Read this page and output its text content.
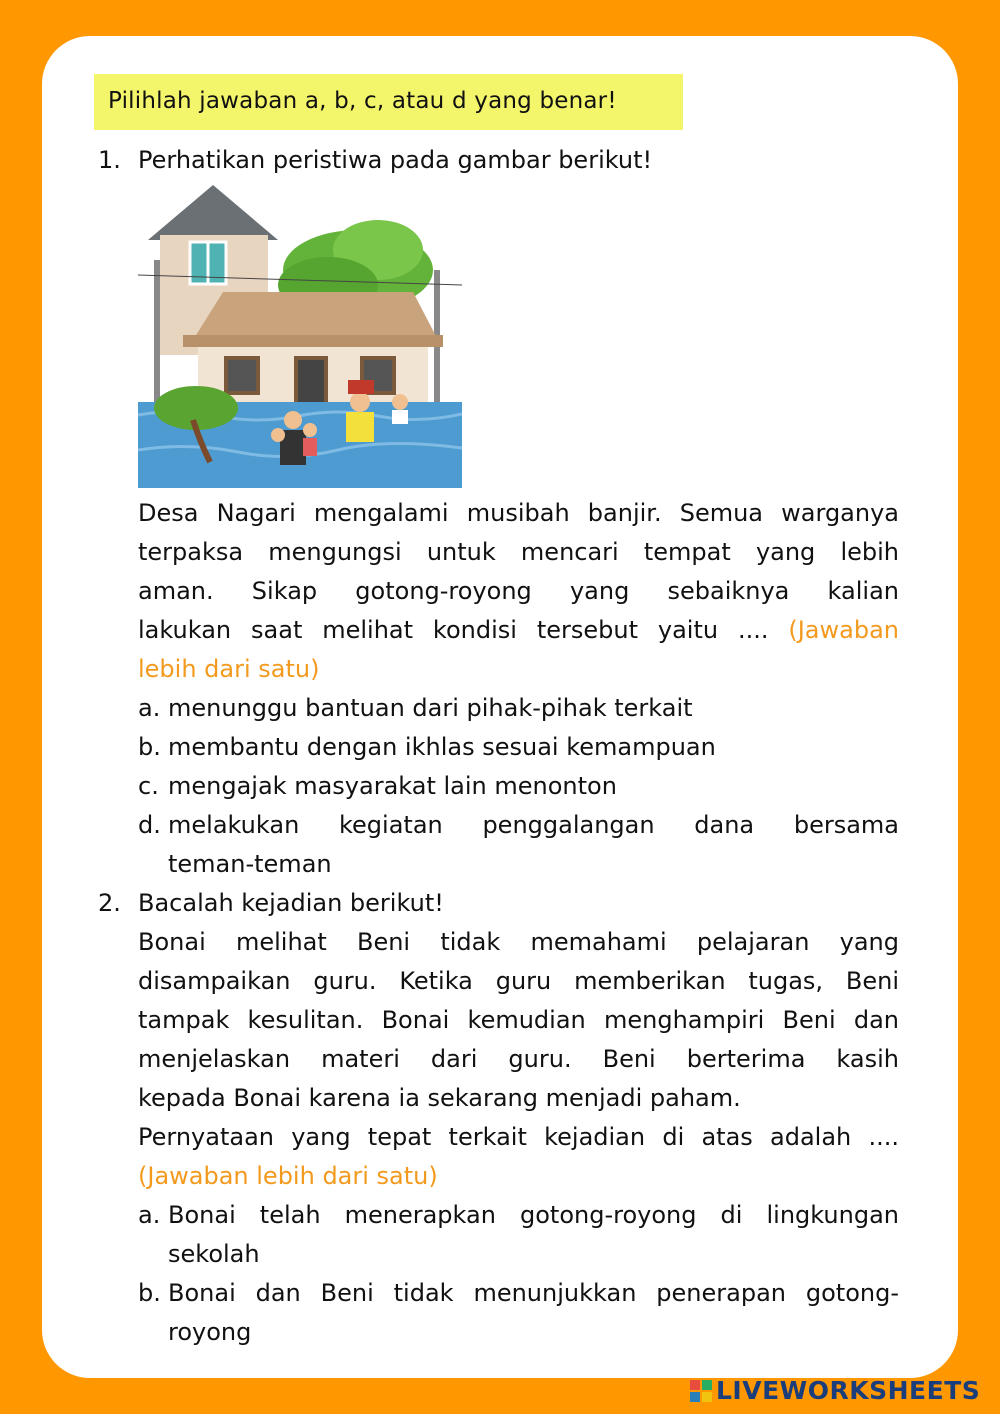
Pilihlah jawaban a, b, c, atau d yang benar!
1. Perhatikan peristiwa pada gambar berikut!
Desa Nagari mengalami musibah banjir. Semua warganya
terpaksa mengungsi untuk mencari tempat yang lebih
aman. Sikap gotong-royong yang sebaiknya kalian
lakukan saat melihat kondisi tersebut yaitu .... (Jawaban
lebih dari satu)
a. menunggu bantuan dari pihak-pihak terkait
b. membantu dengan ikhlas sesuai kemampuan
c. mengajak masyarakat lain menonton
d. melakukan kegiatan penggalangan dana bersama
teman-teman
2. Bacalah kejadian berikut!
Bonai melihat Beni tidak memahami pelajaran yang
disampaikan guru. Ketika guru memberikan tugas, Beni
tampak kesulitan. Bonai kemudian menghampiri Beni dan
menjelaskan materi dari guru. Beni berterima kasih
kepada Bonai karena ia sekarang menjadi paham.
Pernyataan yang tepat terkait kejadian di atas adalah ....
(Jawaban lebih dari satu)
a. Bonai telah menerapkan gotong-royong di lingkungan
sekolah
b. Bonai dan Beni tidak menunjukkan penerapan gotong-
royong
LIVEWORKSHEETS
